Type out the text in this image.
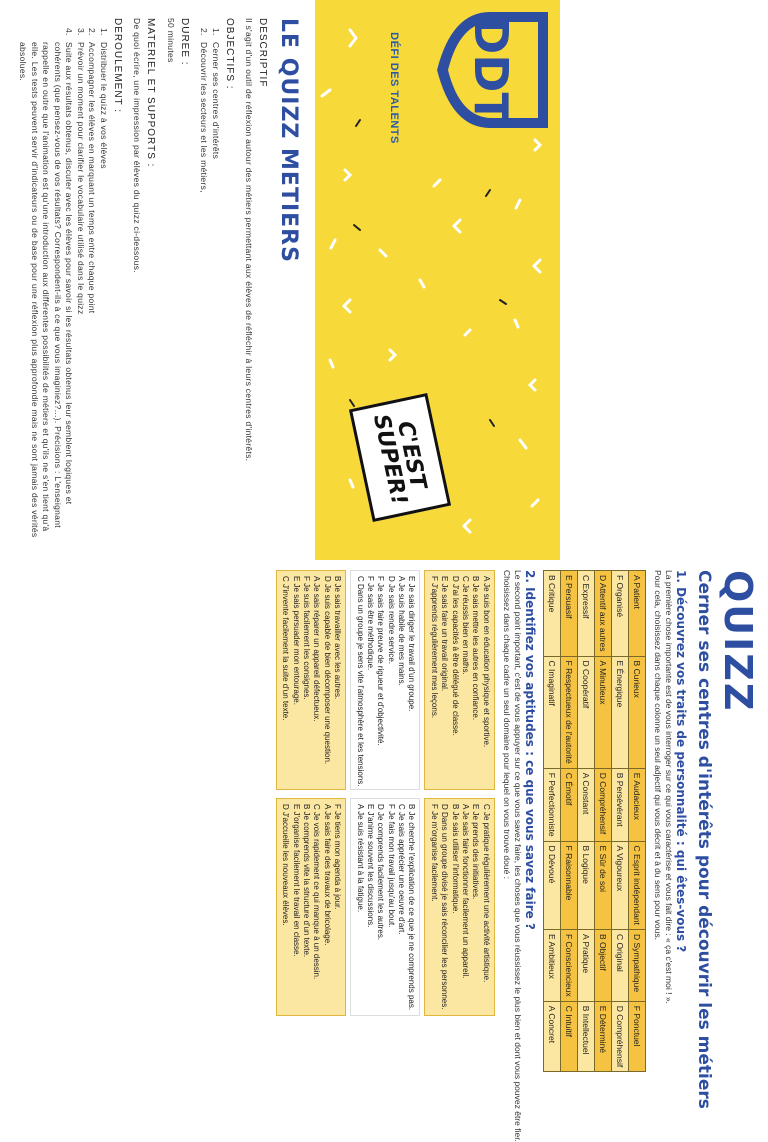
DDT
DÉFI DES TALENTS
C'EST SUPER!
LE QUIZZ METIERS
DESCRIPTIF
Il s'agit d'un outil de réflexion autour des métiers permettant aux élèves de réfléchir à leurs centres d'intérêts.
OBJECTIFS :
1.
Cerner ses centres d'intérêts
2.
Découvrir les secteurs et les métiers,
DUREE :
50 minutes
MATERIEL ET SUPPORTS :
De quoi écrire, une impression par élèves du quizz ci-dessous.
DEROULEMENT :
1.
Distribuer le quizz à vos élèves
2.
Accompagner les élèves en marquant un temps entre chaque point
3.
Prévoir un moment pour clarifier le vocabulaire utilisé dans le quizz
4.
Suite aux résultats obtenus, discuter avec les élèves pour savoir si les résultats obtenus leur semblent logiques et cohérents (que pensez-vous de vos résultats? Correspondent-ils à ce que vous imaginiez?...). Précisions : L'enseignant rappelle en outre que l'animation est qu'une introduction aux différentes possibilités de métiers et qu'ils ne s'en tient qu'à elle. Les tests peuvent servir d'indicateurs ou de base pour une réflexion plus approfondie mais ne sont jamais des vérités absolues.
QUIZZ
Cerner ses centres d'intérêts pour découvrir les métiers
1. Découvrez vos traits de personnalité : qui êtes-vous ?
La première chose importante est de vous interroger sur ce qui vous caractérise et vous fait dire : « ça c'est moi ! ».
Pour cela, choisissez dans chaque colonne un seul adjectif qui vous décrit et à du sens pour vous.
A Patient	B Curieux	E Audacieux	C Esprit indépendant	D Sympathique	F Ponctuel
F Organisé	E Énergique	B Persévérant	A Vigoureux	C Original	D Compréhensif
D Attentif aux autres	A Minutieux	D Compréhensif	E Sûr de soi	B Objectif	E Déterminé
C Expressif	D Coopératif	A Constant	B Logique	A Pratique	B Intellectuel
E Persuasif	F Respectueux de l'autorité	C Émotif	F Raisonnable	F Consciencieux	C Intuitif
B Critique	C Imaginatif	F Perfectionniste	D Dévoué	E Ambitieux	A Concret
2. Identifiez vos aptitudes : ce que vous savez faire ?
Le second point important, c'est de vous appuyer sur ce que vous savez faire, les choses que vous réussissez le plus bien et dont vous pouvez être fier.
Choisissez dans chaque cadre un seul domaine pour lequel on vous trouve doué :
A Je suis bon en éducation physique et sportive.
B Je sais mettre les autres en confiance.
C Je réussis bien en maths.
D J'ai les capacités à être délégué de classe.
E Je sais faire un travail original.
F J'apprends régulièrement mes leçons.
E Je sais diriger le travail d'un groupe.
A Je suis habile de mes mains.
D Je sais rendre service.
F Je sais faire preuve de rigueur et d'objectivité.
F Je sais être méthodique.
C Dans un groupe je sens vite l'atmosphère et les tensions.
B Je sais travailler avec les autres.
D Je suis capable de bien décomposer une question.
A Je sais réparer un appareil défectueux.
F Je suis facilement les consignes.
E Je sais persuader mon entourage.
C J'invente facilement la suite d'un texte.
C Je pratique régulièrement une activité artistique.
E Je prends des initiatives.
A Je sais faire fonctionner facilement un appareil.
B Je sais utiliser l'informatique.
D Dans un groupe divisé je sais réconcilier les personnes.
F Je m'organise facilement.
B Je cherche l'explication de ce que je ne comprends pas.
C Je sais apprécier une oeuvre d'art.
F Je fais mon travail jusqu'au bout.
D Je comprends facilement les autres.
E J'anime souvent les discussions.
A Je suis résistant à la fatigue.
F Je tiens mon agenda à jour.
A Je sais faire des travaux de bricolage.
C Je vois rapidement ce qui manque à un dessin.
B Je comprends vite la structure d'un texte.
E J'organise facilement le travail en classe.
D J'accueille les nouveaux élèves.
